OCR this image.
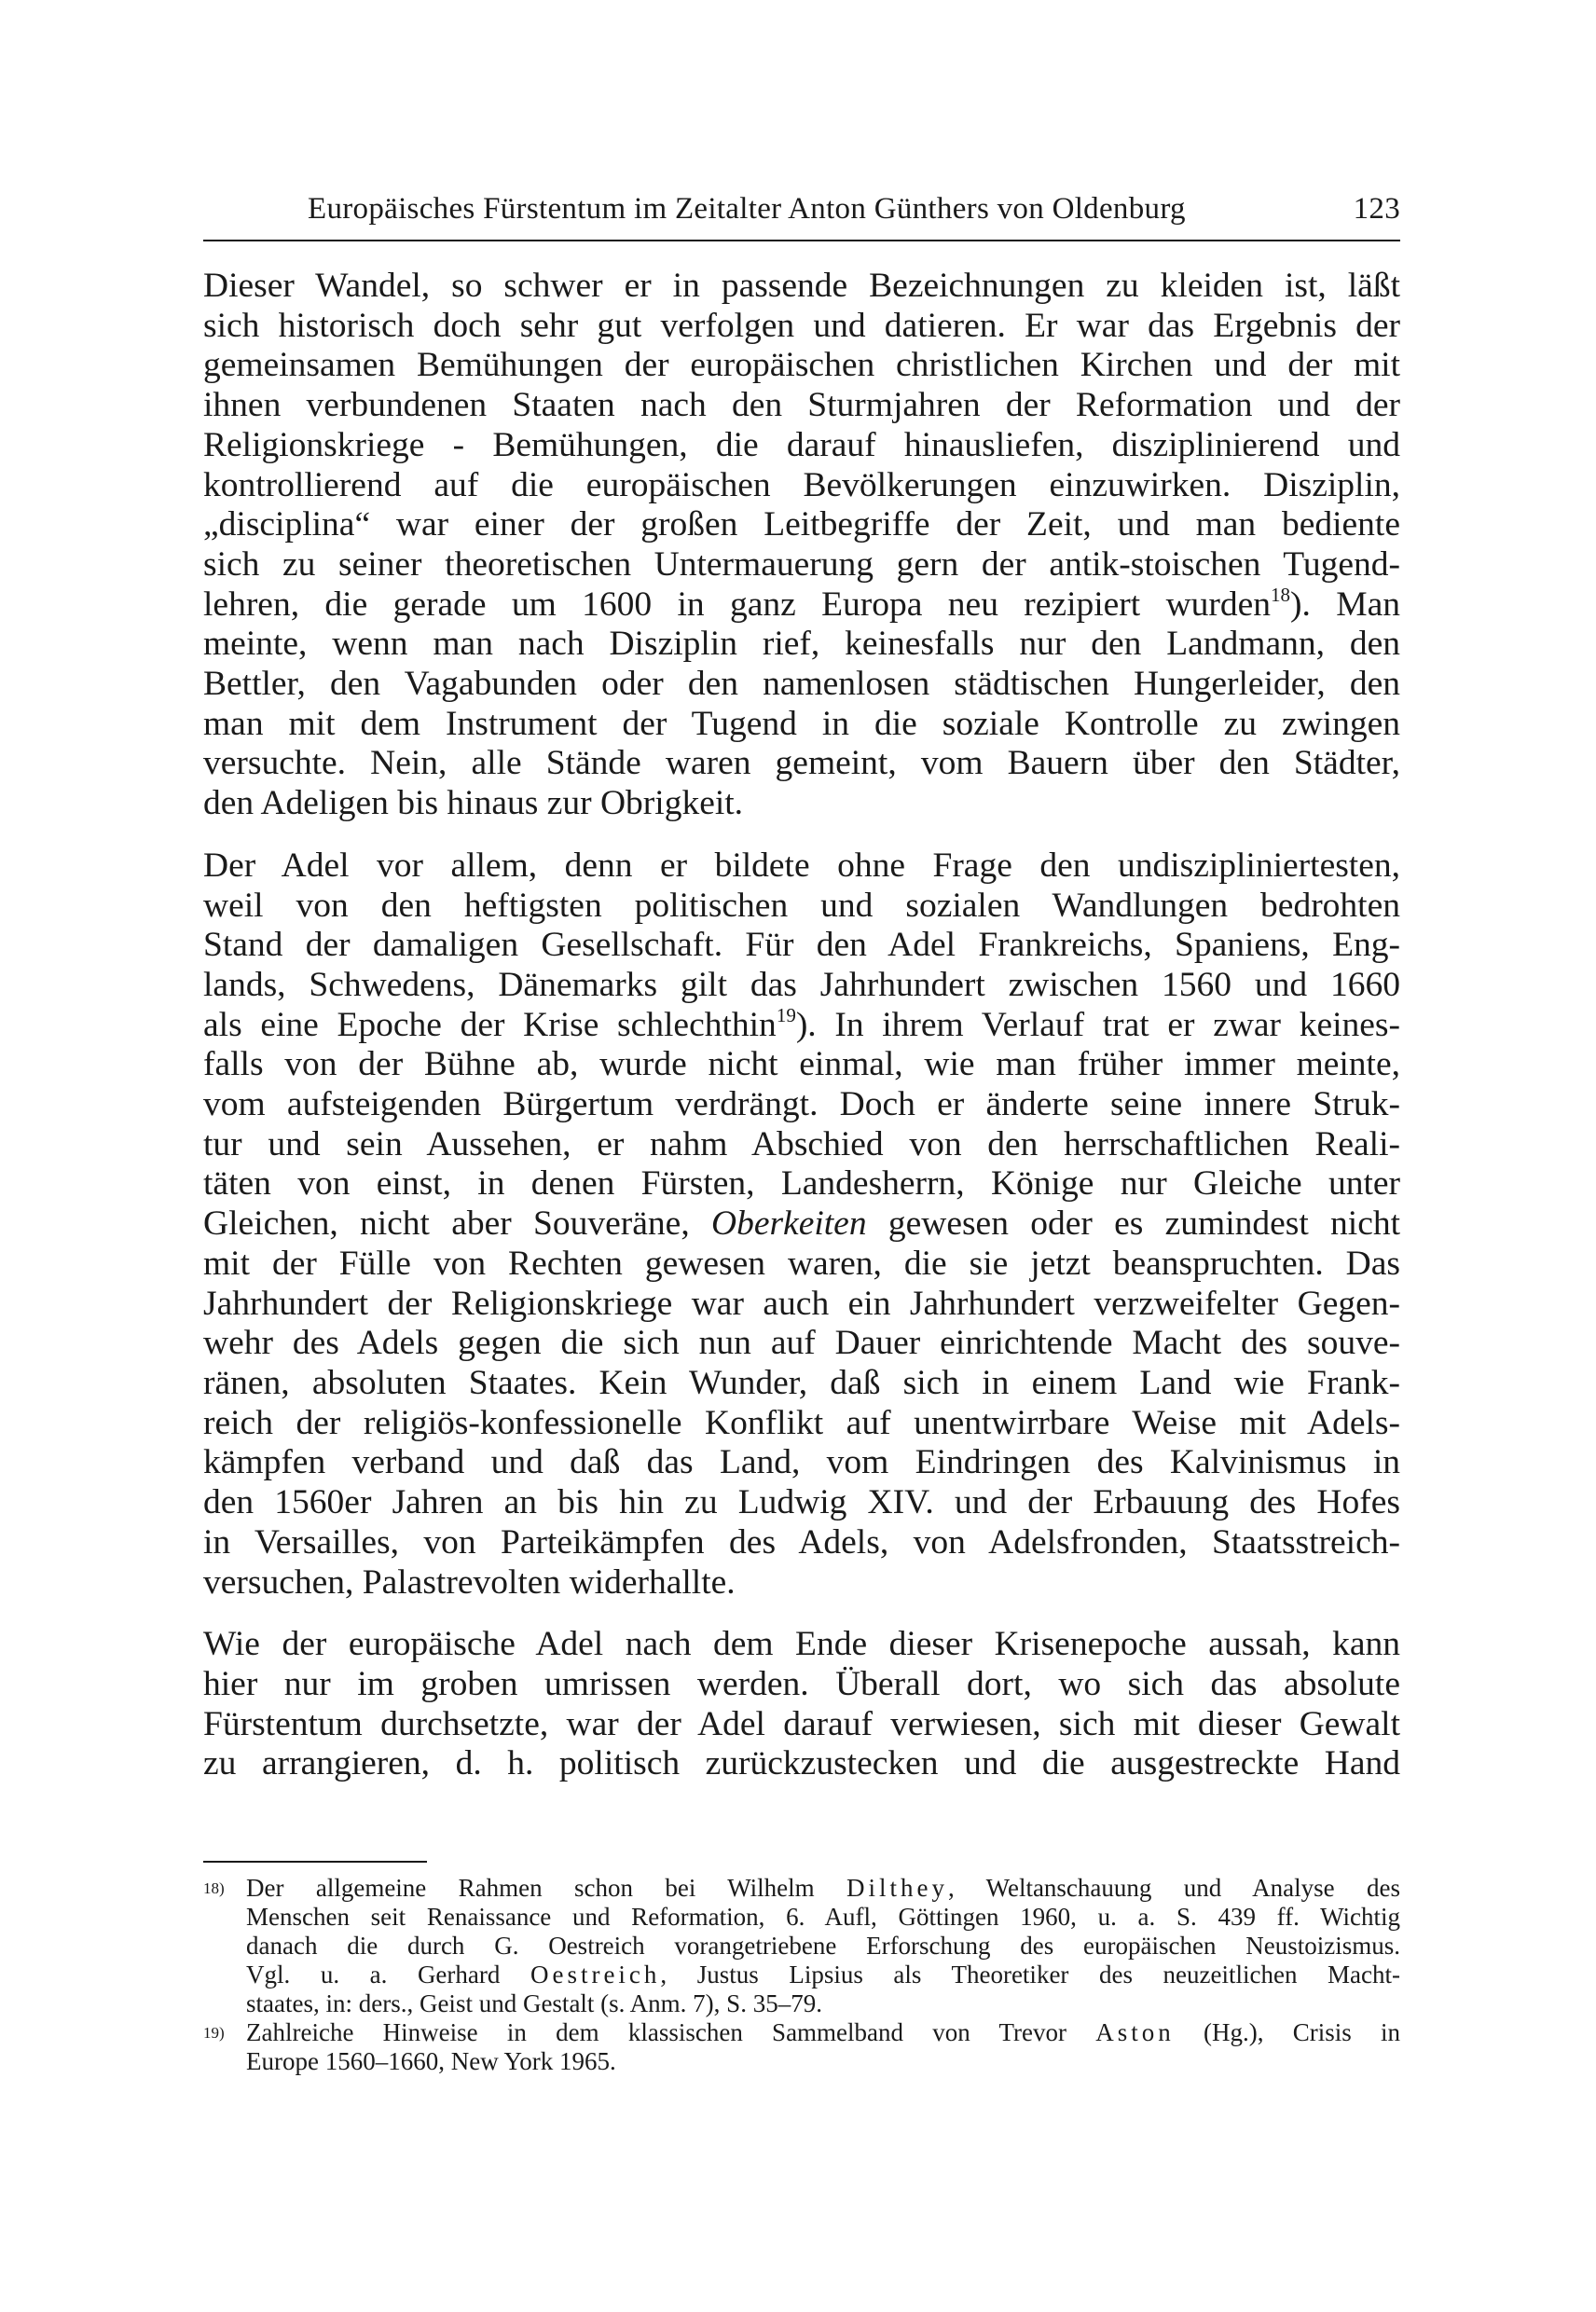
Europäisches Fürstentum im Zeitalter Anton Günthers von Oldenburg	123

Dieser Wandel, so schwer er in passende Bezeichnungen zu kleiden ist, läßt
sich historisch doch sehr gut verfolgen und datieren. Er war das Ergebnis der
gemeinsamen Bemühungen der europäischen christlichen Kirchen und der mit
ihnen verbundenen Staaten nach den Sturmjahren der Reformation und der
Religionskriege - Bemühungen, die darauf hinausliefen, disziplinierend und
kontrollierend auf die europäischen Bevölkerungen einzuwirken. Disziplin,
„disciplina“ war einer der großen Leitbegriffe der Zeit, und man bediente
sich zu seiner theoretischen Untermauerung gern der antik-stoischen Tugend-
lehren, die gerade um 1600 in ganz Europa neu rezipiert wurden$^{18}$). Man
meinte, wenn man nach Disziplin rief, keinesfalls nur den Landmann, den
Bettler, den Vagabunden oder den namenlosen städtischen Hungerleider, den
man mit dem Instrument der Tugend in die soziale Kontrolle zu zwingen
versuchte. Nein, alle Stände waren gemeint, vom Bauern über den Städter,
den Adeligen bis hinaus zur Obrigkeit.

Der Adel vor allem, denn er bildete ohne Frage den undiszipliniertesten,
weil von den heftigsten politischen und sozialen Wandlungen bedrohten
Stand der damaligen Gesellschaft. Für den Adel Frankreichs, Spaniens, Eng-
lands, Schwedens, Dänemarks gilt das Jahrhundert zwischen 1560 und 1660
als eine Epoche der Krise schlechthin$^{19}$). In ihrem Verlauf trat er zwar keines-
falls von der Bühne ab, wurde nicht einmal, wie man früher immer meinte,
vom aufsteigenden Bürgertum verdrängt. Doch er änderte seine innere Struk-
tur und sein Aussehen, er nahm Abschied von den herrschaftlichen Reali-
täten von einst, in denen Fürsten, Landesherrn, Könige nur Gleiche unter
Gleichen, nicht aber Souveräne, Oberkeiten gewesen oder es zumindest nicht
mit der Fülle von Rechten gewesen waren, die sie jetzt beanspruchten. Das
Jahrhundert der Religionskriege war auch ein Jahrhundert verzweifelter Gegen-
wehr des Adels gegen die sich nun auf Dauer einrichtende Macht des souve-
ränen, absoluten Staates. Kein Wunder, daß sich in einem Land wie Frank-
reich der religiös-konfessionelle Konflikt auf unentwirrbare Weise mit Adels-
kämpfen verband und daß das Land, vom Eindringen des Kalvinismus in
den 1560er Jahren an bis hin zu Ludwig XIV. und der Erbauung des Hofes
in Versailles, von Parteikämpfen des Adels, von Adelsfronden, Staatsstreich-
versuchen, Palastrevolten widerhallte.

Wie der europäische Adel nach dem Ende dieser Krisenepoche aussah, kann
hier nur im groben umrissen werden. Überall dort, wo sich das absolute
Fürstentum durchsetzte, war der Adel darauf verwiesen, sich mit dieser Gewalt
zu arrangieren, d. h. politisch zurückzustecken und die ausgestreckte Hand

18) Der allgemeine Rahmen schon bei Wilhelm Dilthey, Weltanschauung und Analyse des
Menschen seit Renaissance und Reformation, 6. Aufl, Göttingen 1960, u. a. S. 439 ff. Wichtig
danach die durch G. Oestreich vorangetriebene Erforschung des europäischen Neustoizismus.
Vgl. u. a. Gerhard Oestreich, Justus Lipsius als Theoretiker des neuzeitlichen Macht-
staates, in: ders., Geist und Gestalt (s. Anm. 7), S. 35–79.
19) Zahlreiche Hinweise in dem klassischen Sammelband von Trevor Aston (Hg.), Crisis in
Europe 1560–1660, New York 1965.
